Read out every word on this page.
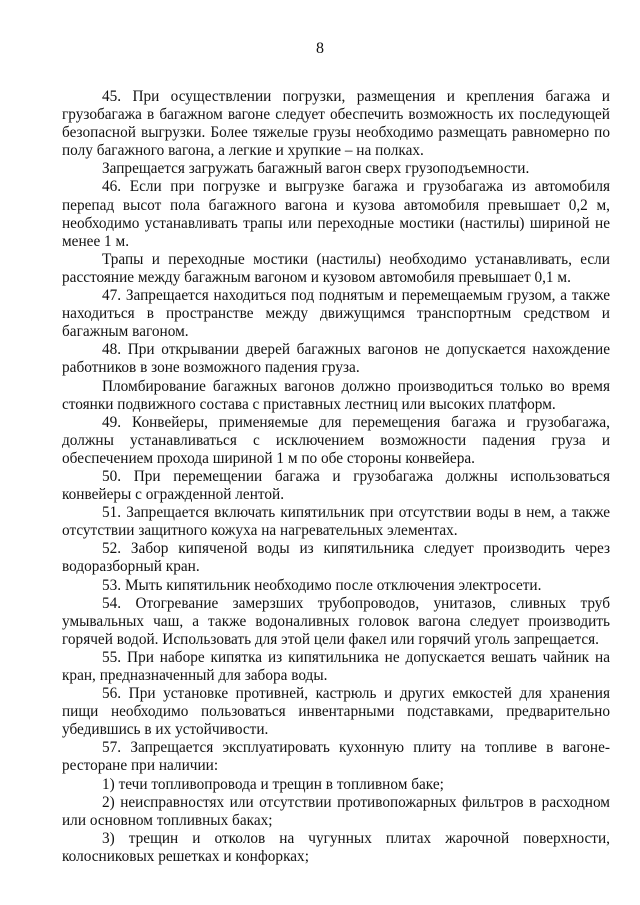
8

45. При осуществлении погрузки, размещения и крепления багажа и грузобагажа в багажном вагоне следует обеспечить возможность их последующей безопасной выгрузки. Более тяжелые грузы необходимо размещать равномерно по полу багажного вагона, а легкие и хрупкие – на полках.

Запрещается загружать багажный вагон сверх грузоподъемности.

46. Если при погрузке и выгрузке багажа и грузобагажа из автомобиля перепад высот пола багажного вагона и кузова автомобиля превышает 0,2 м, необходимо устанавливать трапы или переходные мостики (настилы) шириной не менее 1 м.

Трапы и переходные мостики (настилы) необходимо устанавливать, если расстояние между багажным вагоном и кузовом автомобиля превышает 0,1 м.

47. Запрещается находиться под поднятым и перемещаемым грузом, а также находиться в пространстве между движущимся транспортным средством и багажным вагоном.

48. При открывании дверей багажных вагонов не допускается нахождение работников в зоне возможного падения груза.

Пломбирование багажных вагонов должно производиться только во время стоянки подвижного состава с приставных лестниц или высоких платформ.

49. Конвейеры, применяемые для перемещения багажа и грузобагажа, должны устанавливаться с исключением возможности падения груза и обеспечением прохода шириной 1 м по обе стороны конвейера.

50. При перемещении багажа и грузобагажа должны использоваться конвейеры с огражденной лентой.

51. Запрещается включать кипятильник при отсутствии воды в нем, а также отсутствии защитного кожуха на нагревательных элементах.

52. Забор кипяченой воды из кипятильника следует производить через водоразборный кран.

53. Мыть кипятильник необходимо после отключения электросети.

54. Отогревание замерзших трубопроводов, унитазов, сливных труб умывальных чаш, а также водоналивных головок вагона следует производить горячей водой. Использовать для этой цели факел или горячий уголь запрещается.

55. При наборе кипятка из кипятильника не допускается вешать чайник на кран, предназначенный для забора воды.

56. При установке противней, кастрюль и других емкостей для хранения пищи необходимо пользоваться инвентарными подставками, предварительно убедившись в их устойчивости.

57. Запрещается эксплуатировать кухонную плиту на топливе в вагоне-ресторане при наличии:

1) течи топливопровода и трещин в топливном баке;

2) неисправностях или отсутствии противопожарных фильтров в расходном или основном топливных баках;

3) трещин и отколов на чугунных плитах жарочной поверхности, колосниковых решетках и конфорках;
